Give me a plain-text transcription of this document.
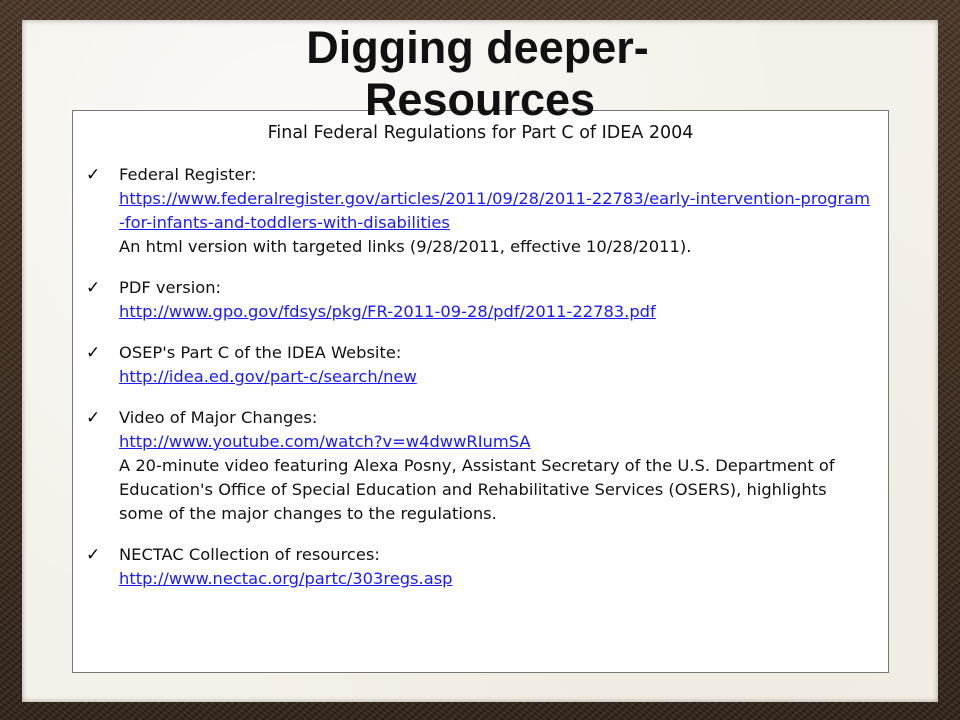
Digging deeper-
Resources

Final Federal Regulations for Part C of IDEA 2004

✓ Federal Register:
https://www.federalregister.gov/articles/2011/09/28/2011-22783/early-intervention-program-for-infants-and-toddlers-with-disabilities
An html version with targeted links (9/28/2011, effective 10/28/2011).
✓ PDF version:
http://www.gpo.gov/fdsys/pkg/FR-2011-09-28/pdf/2011-22783.pdf
✓ OSEP's Part C of the IDEA Website:
http://idea.ed.gov/part-c/search/new
✓ Video of Major Changes:
http://www.youtube.com/watch?v=w4dwwRIumSA
A 20-minute video featuring Alexa Posny, Assistant Secretary of the U.S. Department of Education's Office of Special Education and Rehabilitative Services (OSERS), highlights some of the major changes to the regulations.
✓ NECTAC Collection of resources:
http://www.nectac.org/partc/303regs.asp
